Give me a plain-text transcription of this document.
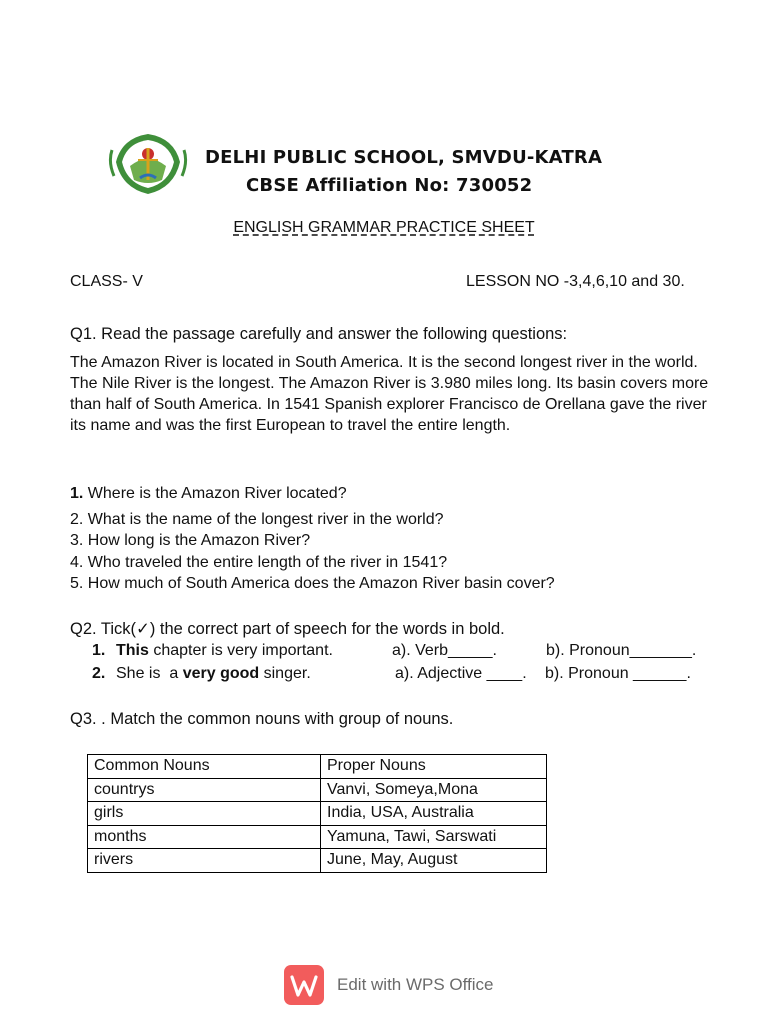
DELHI PUBLIC SCHOOL, SMVDU-KATRA
CBSE Affiliation No: 730052
ENGLISH GRAMMAR PRACTICE SHEET
CLASS- V	LESSON NO -3,4,6,10 and 30.
Q1. Read the passage carefully and answer the following questions:
The Amazon River is located in South America. It is the second longest river in the world. The Nile River is the longest. The Amazon River is 3.980 miles long. Its basin covers more than half of South America. In 1541 Spanish explorer Francisco de Orellana gave the river its name and was the first European to travel the entire length.
1. Where is the Amazon River located?
2. What is the name of the longest river in the world?
3. How long is the Amazon River?
4. Who traveled the entire length of the river in 1541?
5. How much of South America does the Amazon River basin cover?
Q2. Tick(✓) the correct part of speech for the words in bold.
1. This chapter is very important.	a). Verb_____.	b). Pronoun_______.
2. She is  a very good singer.	a). Adjective ____. b). Pronoun ______.
Q3. . Match the common nouns with group of nouns.
Common Nouns	Proper Nouns
countrys	Vanvi, Someya,Mona
girls	India, USA, Australia
months	Yamuna, Tawi, Sarswati
rivers	June, May, August
Edit with WPS Office
